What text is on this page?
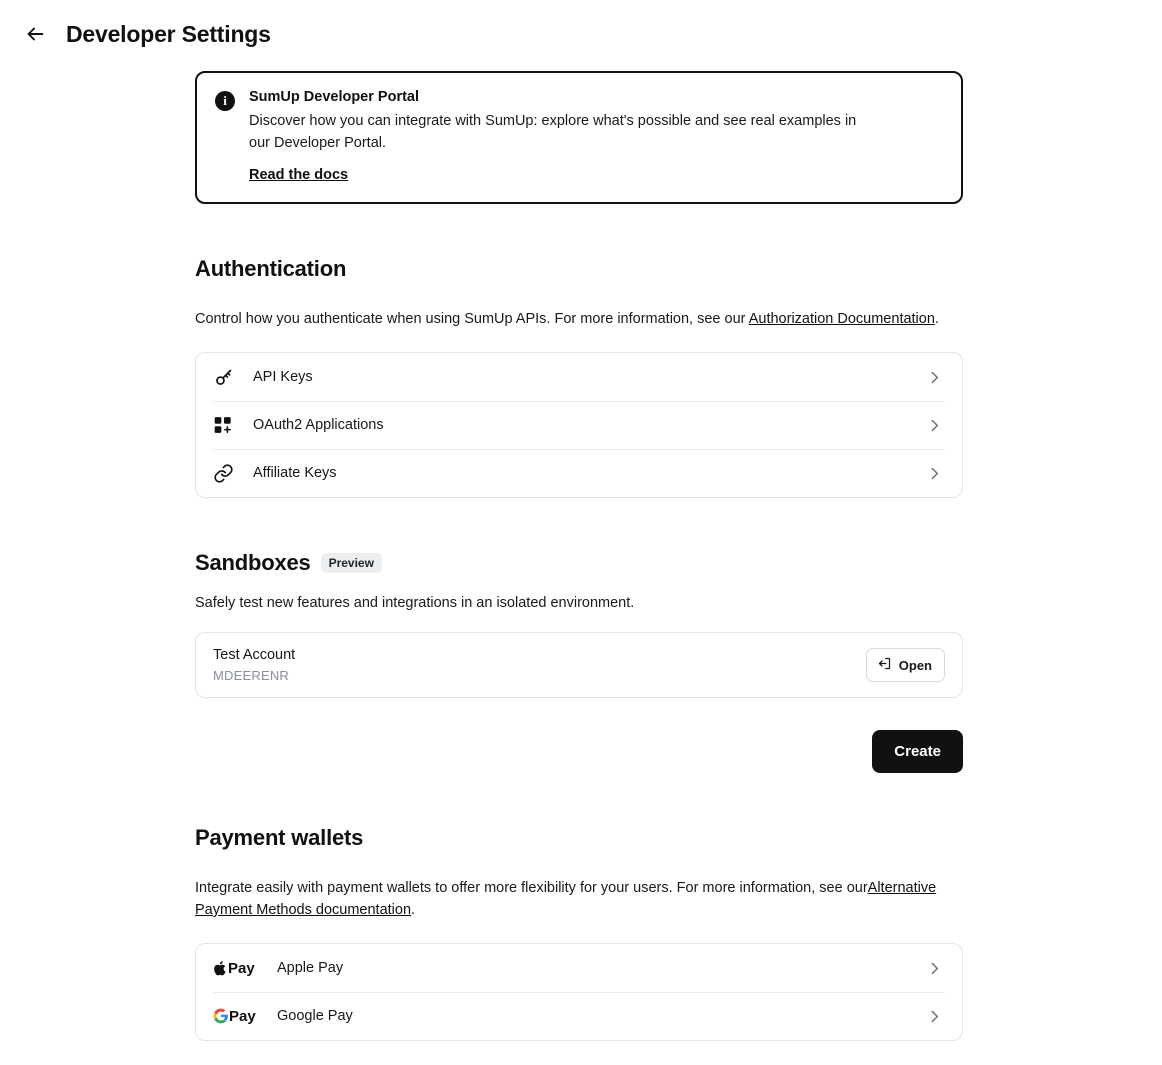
Developer Settings
i	SumUp Developer Portal
Discover how you can integrate with SumUp: explore what's possible and see real examples in our Developer Portal.
Read the docs
Authentication
Control how you authenticate when using SumUp APIs. For more information, see our Authorization Documentation.
API Keys
OAuth2 Applications
Affiliate Keys
Sandboxes	Preview
Safely test new features and integrations in an isolated environment.
Test Account
MDEERENR
Open
Create
Payment wallets
Integrate easily with payment wallets to offer more flexibility for your users. For more information, see ourAlternative Payment Methods documentation.
Pay Apple Pay
Pay Google Pay
